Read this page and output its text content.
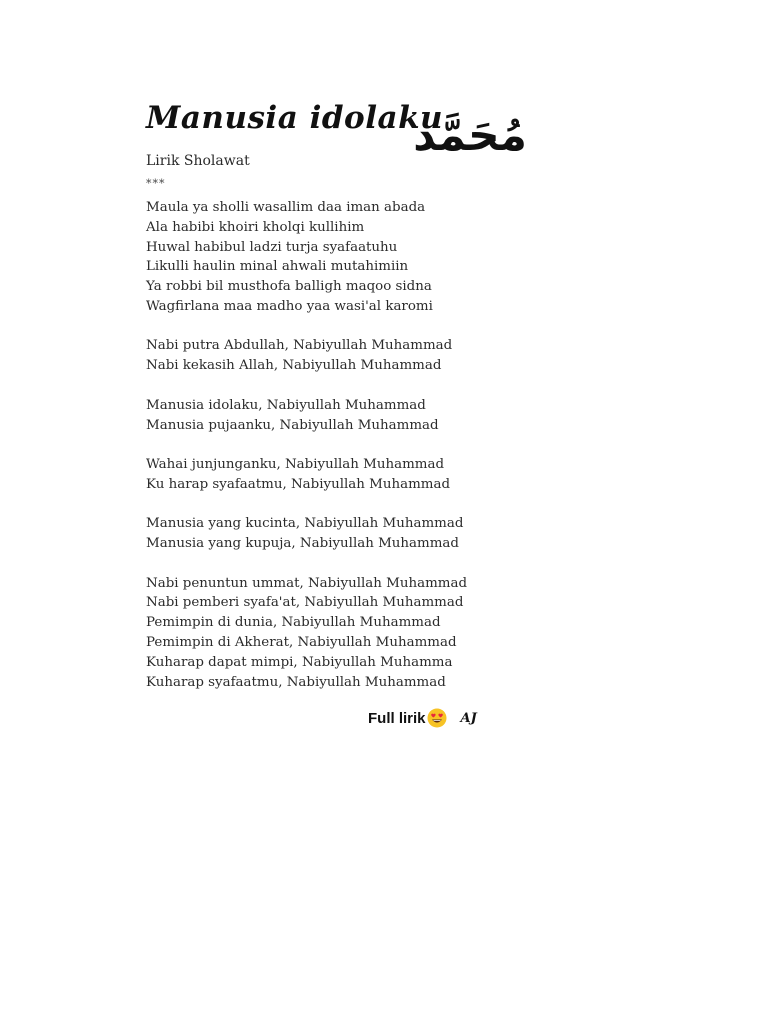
Manusia idolaku
مُحَمَّد
Lirik Sholawat
***
Maula ya sholli wasallim daa iman abada
Ala habibi khoiri kholqi kullihim
Huwal habibul ladzi turja syafaatuhu
Likulli haulin minal ahwali mutahimiin
Ya robbi bil musthofa balligh maqoo sidna
Wagfirlana maa madho yaa wasi'al karomi
Nabi putra Abdullah, Nabiyullah Muhammad
Nabi kekasih Allah, Nabiyullah Muhammad
Manusia idolaku, Nabiyullah Muhammad
Manusia pujaanku, Nabiyullah Muhammad
Wahai junjunganku, Nabiyullah Muhammad
Ku harap syafaatmu, Nabiyullah Muhammad
Manusia yang kucinta, Nabiyullah Muhammad
Manusia yang kupuja, Nabiyullah Muhammad
Nabi penuntun ummat, Nabiyullah Muhammad
Nabi pemberi syafa'at, Nabiyullah Muhammad
Pemimpin di dunia, Nabiyullah Muhammad
Pemimpin di Akherat, Nabiyullah Muhammad
Kuharap dapat mimpi, Nabiyullah Muhamma
Kuharap syafaatmu, Nabiyullah Muhammad
Full lirik	AJ
